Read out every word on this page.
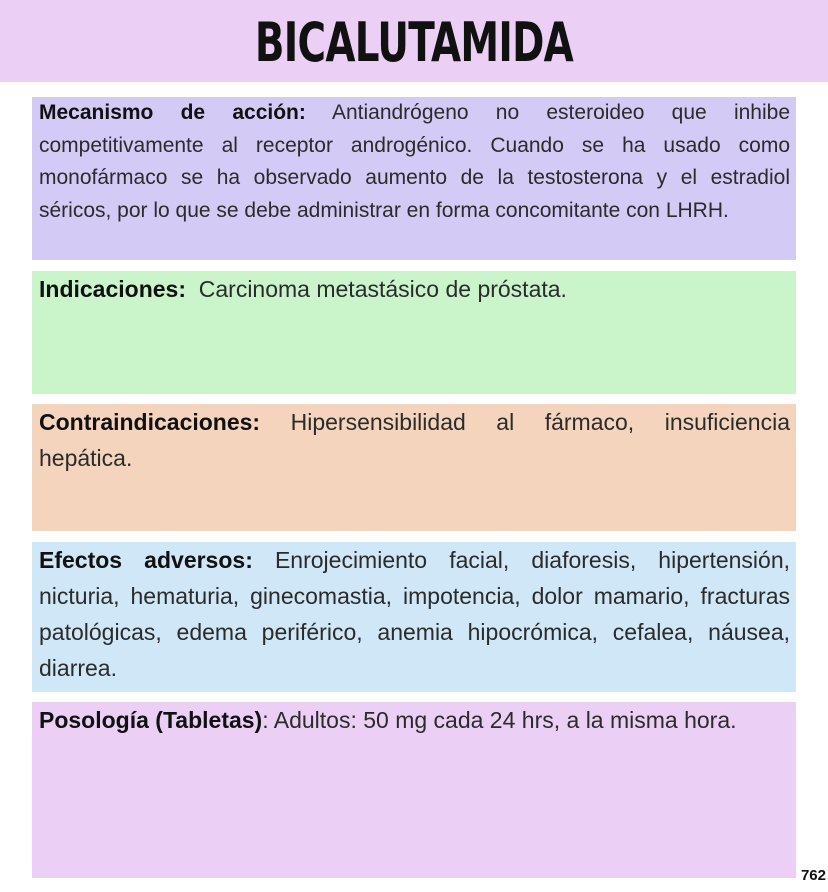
BICALUTAMIDA
Mecanismo de acción: Antiandrógeno no esteroideo que inhibe competitivamente al receptor androgénico. Cuando se ha usado como monofármaco se ha observado aumento de la testosterona y el estradiol séricos, por lo que se debe administrar en forma concomitante con LHRH.
Indicaciones:  Carcinoma metastásico de próstata.
Contraindicaciones: Hipersensibilidad al fármaco, insuficiencia hepática.
Efectos adversos: Enrojecimiento facial, diaforesis, hipertensión, nicturia, hematuria, ginecomastia, impotencia, dolor mamario, fracturas patológicas, edema periférico, anemia hipocrómica, cefalea, náusea, diarrea.
Posología (Tabletas): Adultos: 50 mg cada 24 hrs, a la misma hora.
762
